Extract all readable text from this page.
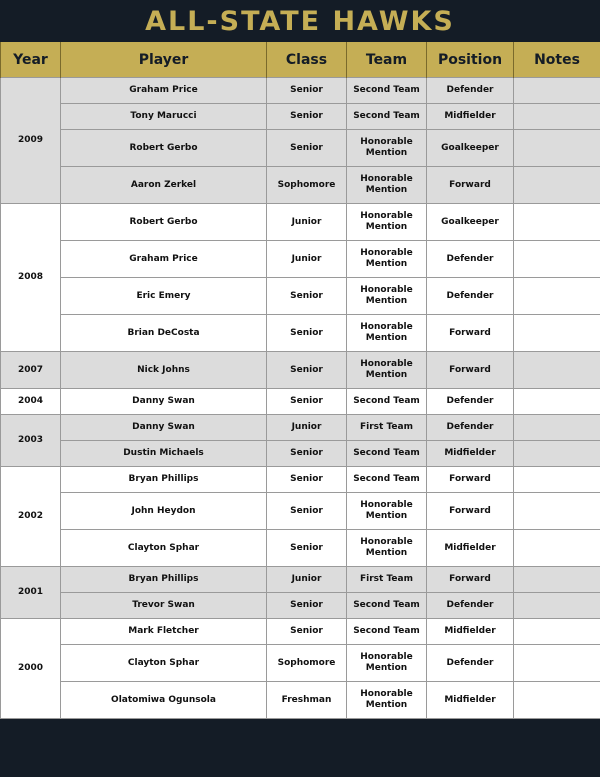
ALL-STATE HAWKS
Year	Player	Class	Team	Position	Notes
2009	Graham Price	Senior	Second Team	Defender	
	Tony Marucci	Senior	Second Team	Midfielder	
	Robert Gerbo	Senior	Honorable Mention	Goalkeeper	
	Aaron Zerkel	Sophomore	Honorable Mention	Forward	
2008	Robert Gerbo	Junior	Honorable Mention	Goalkeeper	
	Graham Price	Junior	Honorable Mention	Defender	
	Eric Emery	Senior	Honorable Mention	Defender	
	Brian DeCosta	Senior	Honorable Mention	Forward	
2007	Nick Johns	Senior	Honorable Mention	Forward	
2004	Danny Swan	Senior	Second Team	Defender	
2003	Danny Swan	Junior	First Team	Defender	
	Dustin Michaels	Senior	Second Team	Midfielder	
2002	Bryan Phillips	Senior	Second Team	Forward	
	John Heydon	Senior	Honorable Mention	Forward	
	Clayton Sphar	Senior	Honorable Mention	Midfielder	
2001	Bryan Phillips	Junior	First Team	Forward	
	Trevor Swan	Senior	Second Team	Defender	
2000	Mark Fletcher	Senior	Second Team	Midfielder	
	Clayton Sphar	Sophomore	Honorable Mention	Defender	
	Olatomiwa Ogunsola	Freshman	Honorable Mention	Midfielder	
